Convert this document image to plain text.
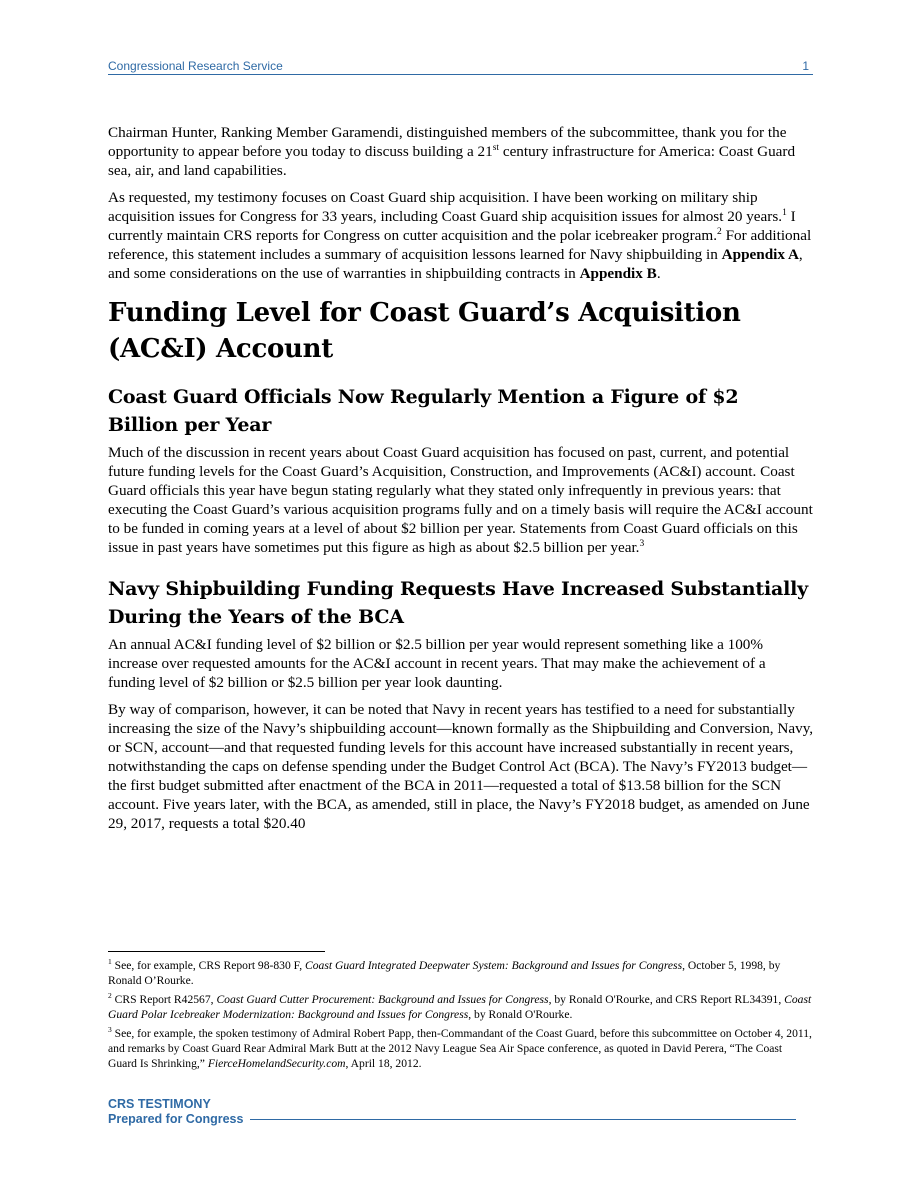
Congressional Research Service	1

Chairman Hunter, Ranking Member Garamendi, distinguished members of the subcommittee, thank you for the opportunity to appear before you today to discuss building a 21st century infrastructure for America: Coast Guard sea, air, and land capabilities.

As requested, my testimony focuses on Coast Guard ship acquisition. I have been working on military ship acquisition issues for Congress for 33 years, including Coast Guard ship acquisition issues for almost 20 years.$^1$ I currently maintain CRS reports for Congress on cutter acquisition and the polar icebreaker program.$^2$ For additional reference, this statement includes a summary of acquisition lessons learned for Navy shipbuilding in Appendix A, and some considerations on the use of warranties in shipbuilding contracts in Appendix B.

Funding Level for Coast Guard’s Acquisition (AC&I) Account
Coast Guard Officials Now Regularly Mention a Figure of $2 Billion per Year

Much of the discussion in recent years about Coast Guard acquisition has focused on past, current, and potential future funding levels for the Coast Guard’s Acquisition, Construction, and Improvements (AC&I) account. Coast Guard officials this year have begun stating regularly what they stated only infrequently in previous years: that executing the Coast Guard’s various acquisition programs fully and on a timely basis will require the AC&I account to be funded in coming years at a level of about $2 billion per year. Statements from Coast Guard officials on this issue in past years have sometimes put this figure as high as about $2.5 billion per year.$^3$

Navy Shipbuilding Funding Requests Have Increased Substantially During the Years of the BCA

An annual AC&I funding level of $2 billion or $2.5 billion per year would represent something like a 100% increase over requested amounts for the AC&I account in recent years. That may make the achievement of a funding level of $2 billion or $2.5 billion per year look daunting.

By way of comparison, however, it can be noted that Navy in recent years has testified to a need for substantially increasing the size of the Navy’s shipbuilding account—known formally as the Shipbuilding and Conversion, Navy, or SCN, account—and that requested funding levels for this account have increased substantially in recent years, notwithstanding the caps on defense spending under the Budget Control Act (BCA). The Navy’s FY2013 budget—the first budget submitted after enactment of the BCA in 2011—requested a total of $13.58 billion for the SCN account. Five years later, with the BCA, as amended, still in place, the Navy’s FY2018 budget, as amended on June 29, 2017, requests a total $20.40

$^1$ See, for example, CRS Report 98-830 F, Coast Guard Integrated Deepwater System: Background and Issues for Congress, October 5, 1998, by Ronald O’Rourke.

$^2$ CRS Report R42567, Coast Guard Cutter Procurement: Background and Issues for Congress, by Ronald O'Rourke, and CRS Report RL34391, Coast Guard Polar Icebreaker Modernization: Background and Issues for Congress, by Ronald O'Rourke.

$^3$ See, for example, the spoken testimony of Admiral Robert Papp, then-Commandant of the Coast Guard, before this subcommittee on October 4, 2011, and remarks by Coast Guard Rear Admiral Mark Butt at the 2012 Navy League Sea Air Space conference, as quoted in David Perera, “The Coast Guard Is Shrinking,” FierceHomelandSecurity.com, April 18, 2012.

CRS TESTIMONY
Prepared for Congress
